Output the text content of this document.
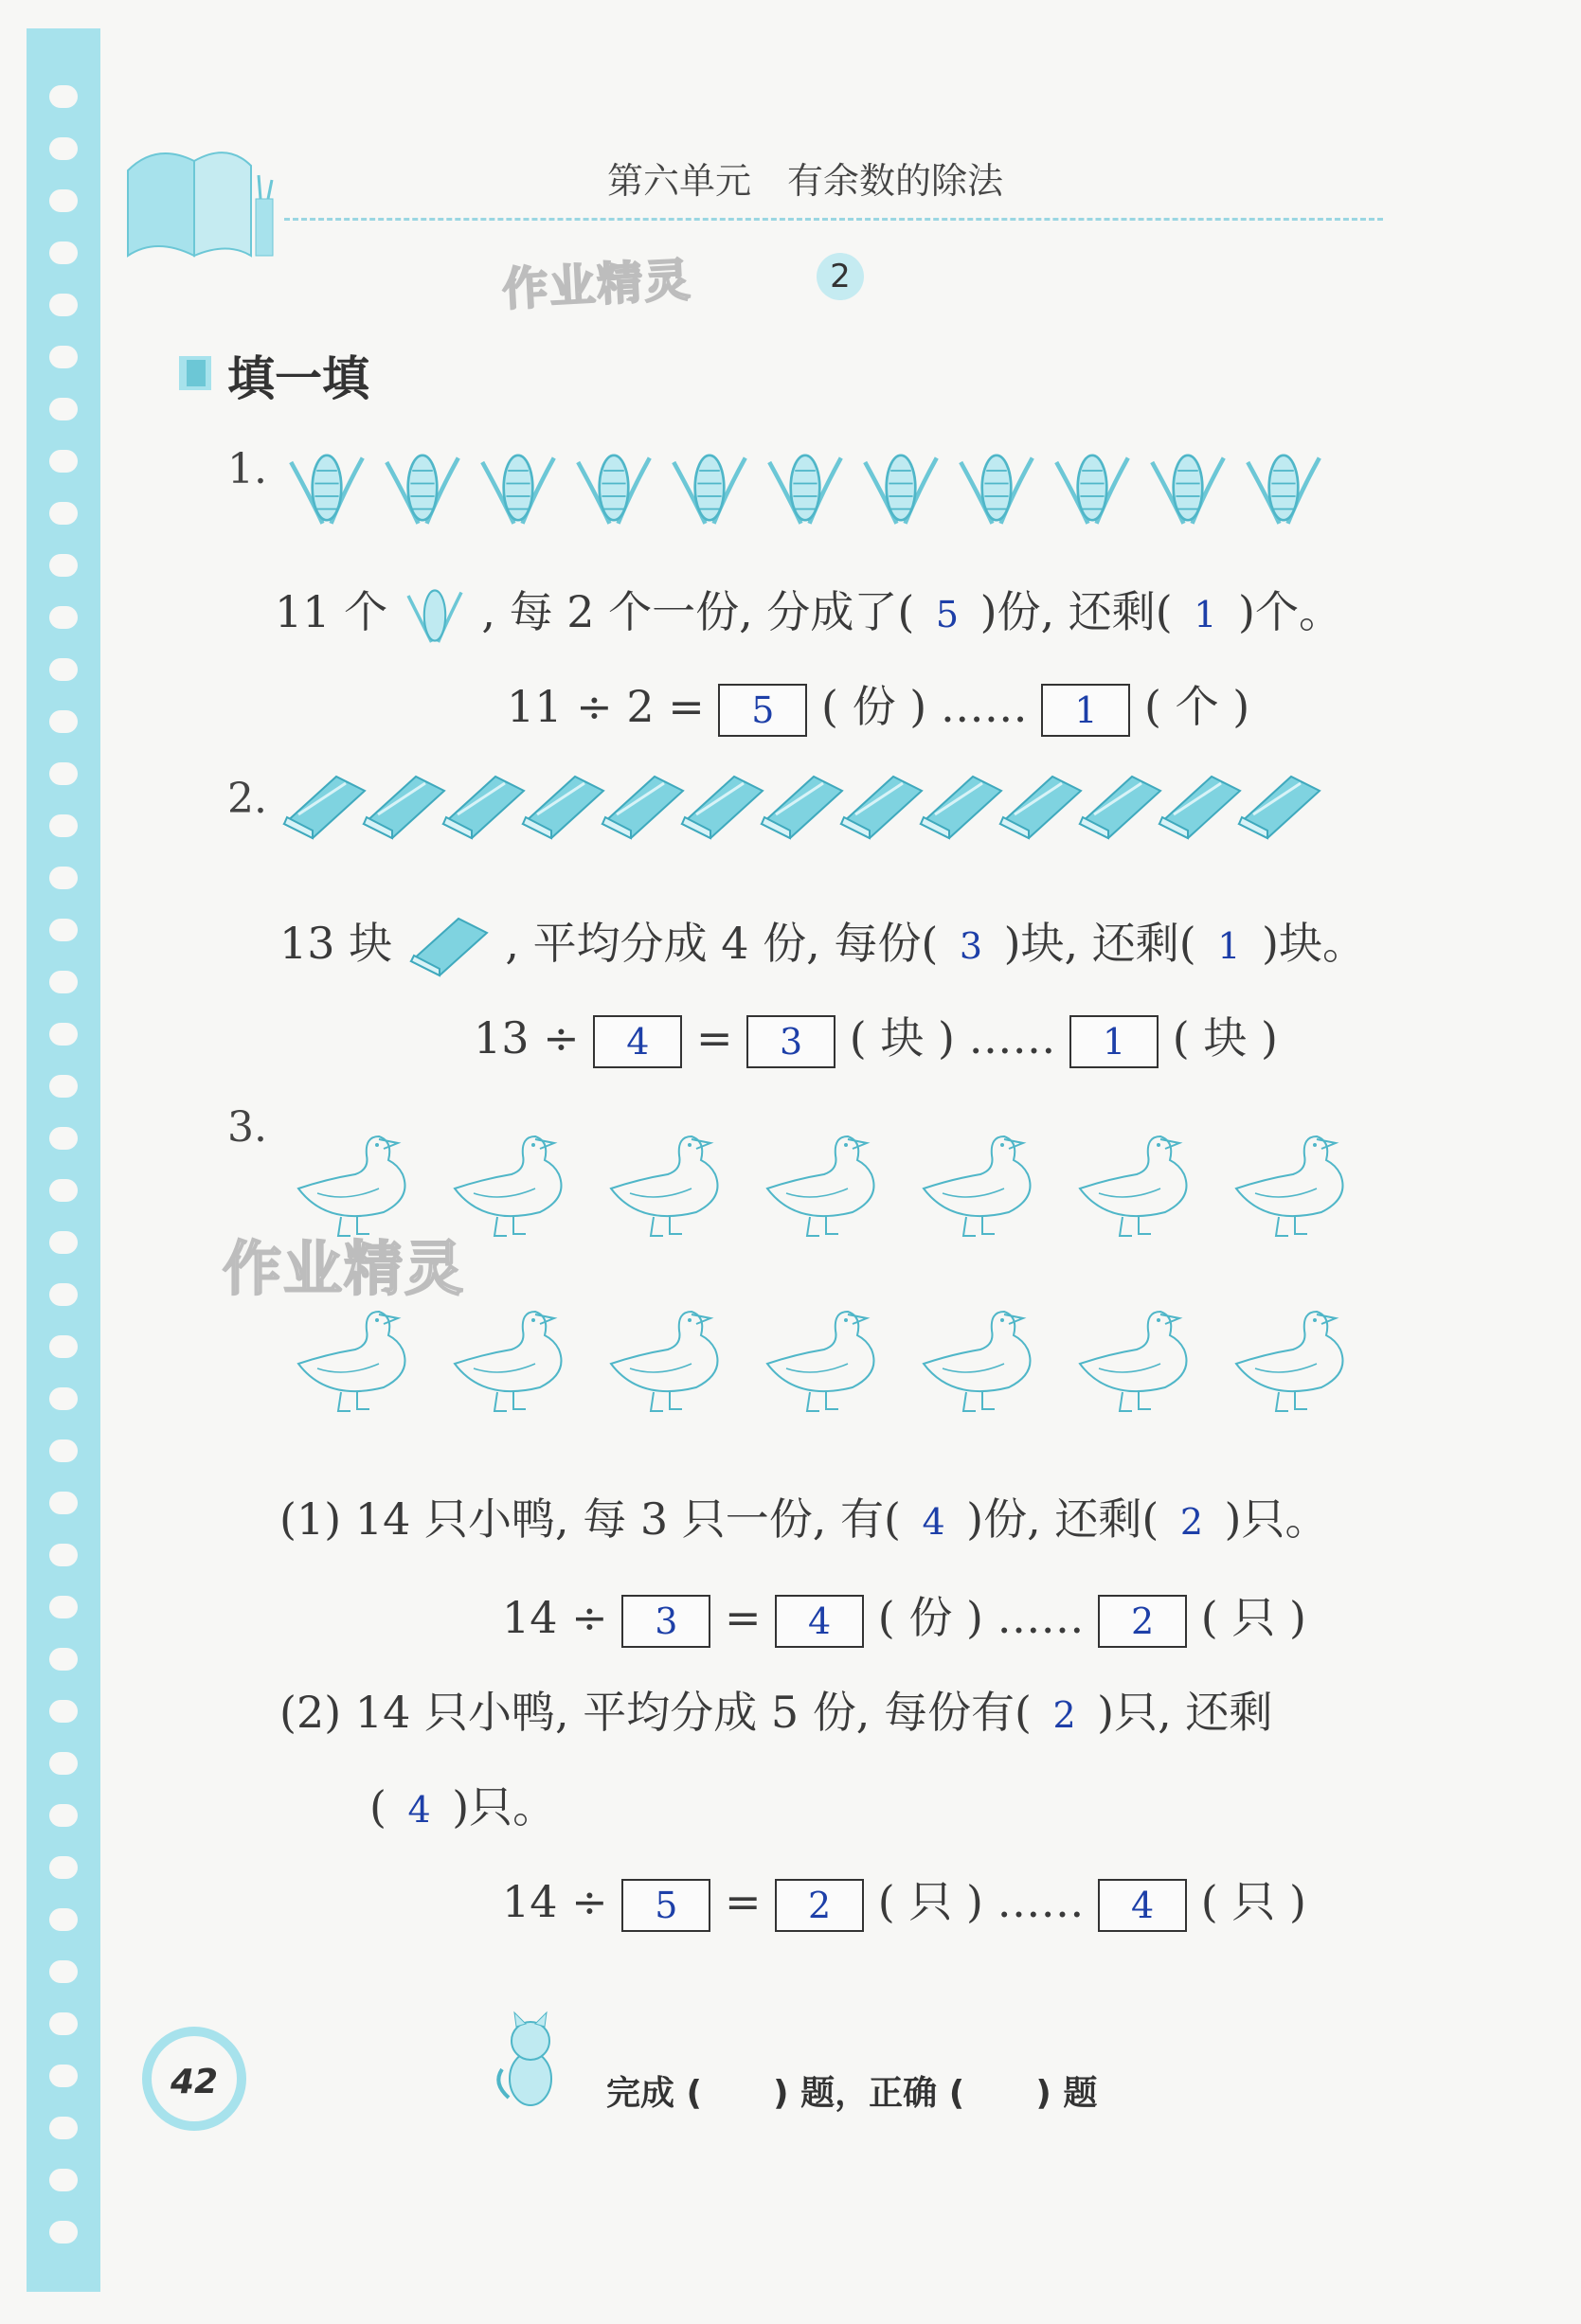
第六单元　有余数的除法
作业精灵	2
填一填
1.
11 个 , 每 2 个一份, 分成了( 5 )份, 还剩( 1 )个。
11 ÷ 2 = 5 ( 份 ) …… 1 ( 个 )
2.
13 块	, 平均分成 4 份, 每份( 3 )块, 还剩( 1 )块。
13 ÷ 4 = 3 ( 块 ) …… 1 ( 块 )
3.
作业精灵
(1) 14 只小鸭, 每 3 只一份, 有( 4 )份, 还剩( 2 )只。
14 ÷ 3 = 4 ( 份 ) …… 2 ( 只 )
(2) 14 只小鸭, 平均分成 5 份, 每份有( 2 )只, 还剩
( 4 )只。
14 ÷ 5 = 2 ( 只 ) …… 4 ( 只 )
42	完成 (      ) 题，正确 (      ) 题
